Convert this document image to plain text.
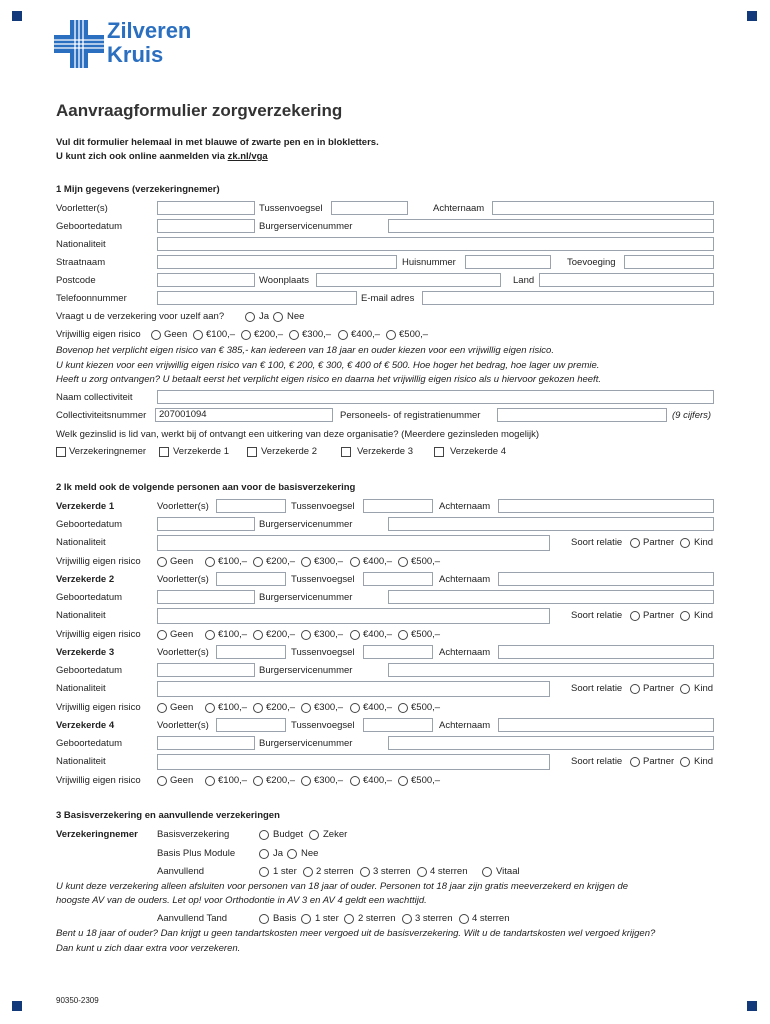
Zilveren
Kruis
Aanvraagformulier zorgverzekering
Vul dit formulier helemaal in met blauwe of zwarte pen en in blokletters.
U kunt zich ook online aanmelden via zk.nl/vga
1 Mijn gegevens (verzekeringnemer)
Voorletter(s)	Tussenvoegsel	Achternaam
Geboortedatum	Burgerservicenummer
Nationaliteit
Straatnaam	Huisnummer	Toevoeging
Postcode	Woonplaats	Land
Telefoonnummer	E-mail adres
Vraagt u de verzekering voor uzelf aan?	Ja Nee
Vrijwillig eigen risico Geen €100,– €200,– €300,– €400,– €500,–
Bovenop het verplicht eigen risico van € 385,- kan iedereen van 18 jaar en ouder kiezen voor een vrijwillig eigen risico.
U kunt kiezen voor een vrijwillig eigen risico van € 100, € 200, € 300, € 400 of € 500. Hoe hoger het bedrag, hoe lager uw premie.
Heeft u zorg ontvangen? U betaalt eerst het verplicht eigen risico en daarna het vrijwillig eigen risico als u hiervoor gekozen heeft.
Naam collectiviteit
Collectiviteitsnummer	207001094	Personeels- of registratienummer	(9 cijfers)
Welk gezinslid is lid van, werkt bij of ontvangt een uitkering van deze organisatie? (Meerdere gezinsleden mogelijk)
Verzekeringnemer	Verzekerde 1	Verzekerde 2	Verzekerde 3	Verzekerde 4
2 Ik meld ook de volgende personen aan voor de basisverzekering
Verzekerde 1	Voorletter(s)	Tussenvoegsel	Achternaam
Geboortedatum	Burgerservicenummer
Nationaliteit	Soort relatie Partner Kind
Vrijwillig eigen risico	Geen	€100,– €200,– €300,– €400,– €500,–
Verzekerde 2	Voorletter(s)	Tussenvoegsel	Achternaam
Geboortedatum	Burgerservicenummer
Nationaliteit	Soort relatie Partner Kind
Vrijwillig eigen risico	Geen	€100,– €200,– €300,– €400,– €500,–
Verzekerde 3	Voorletter(s)	Tussenvoegsel	Achternaam
Geboortedatum	Burgerservicenummer
Nationaliteit	Soort relatie Partner Kind
Vrijwillig eigen risico	Geen	€100,– €200,– €300,– €400,– €500,–
Verzekerde 4	Voorletter(s)	Tussenvoegsel	Achternaam
Geboortedatum	Burgerservicenummer
Nationaliteit	Soort relatie Partner Kind
Vrijwillig eigen risico	Geen	€100,– €200,– €300,– €400,– €500,–
3 Basisverzekering en aanvullende verzekeringen
Verzekeringnemer Basisverzekering	Budget Zeker
Basis Plus Module	Ja Nee
Aanvullend	1 ster 2 sterren 3 sterren 4 sterren	Vitaal
U kunt deze verzekering alleen afsluiten voor personen van 18 jaar of ouder. Personen tot 18 jaar zijn gratis meeverzekerd en krijgen de
hoogste AV van de ouders. Let op! voor Orthodontie in AV 3 en AV 4 geldt een wachttijd.
Aanvullend Tand	Basis 1 ster 2 sterren 3 sterren 4 sterren
Bent u 18 jaar of ouder? Dan krijgt u geen tandartskosten meer vergoed uit de basisverzekering. Wilt u de tandartskosten wel vergoed krijgen?
Dan kunt u zich daar extra voor verzekeren.
90350-2309
